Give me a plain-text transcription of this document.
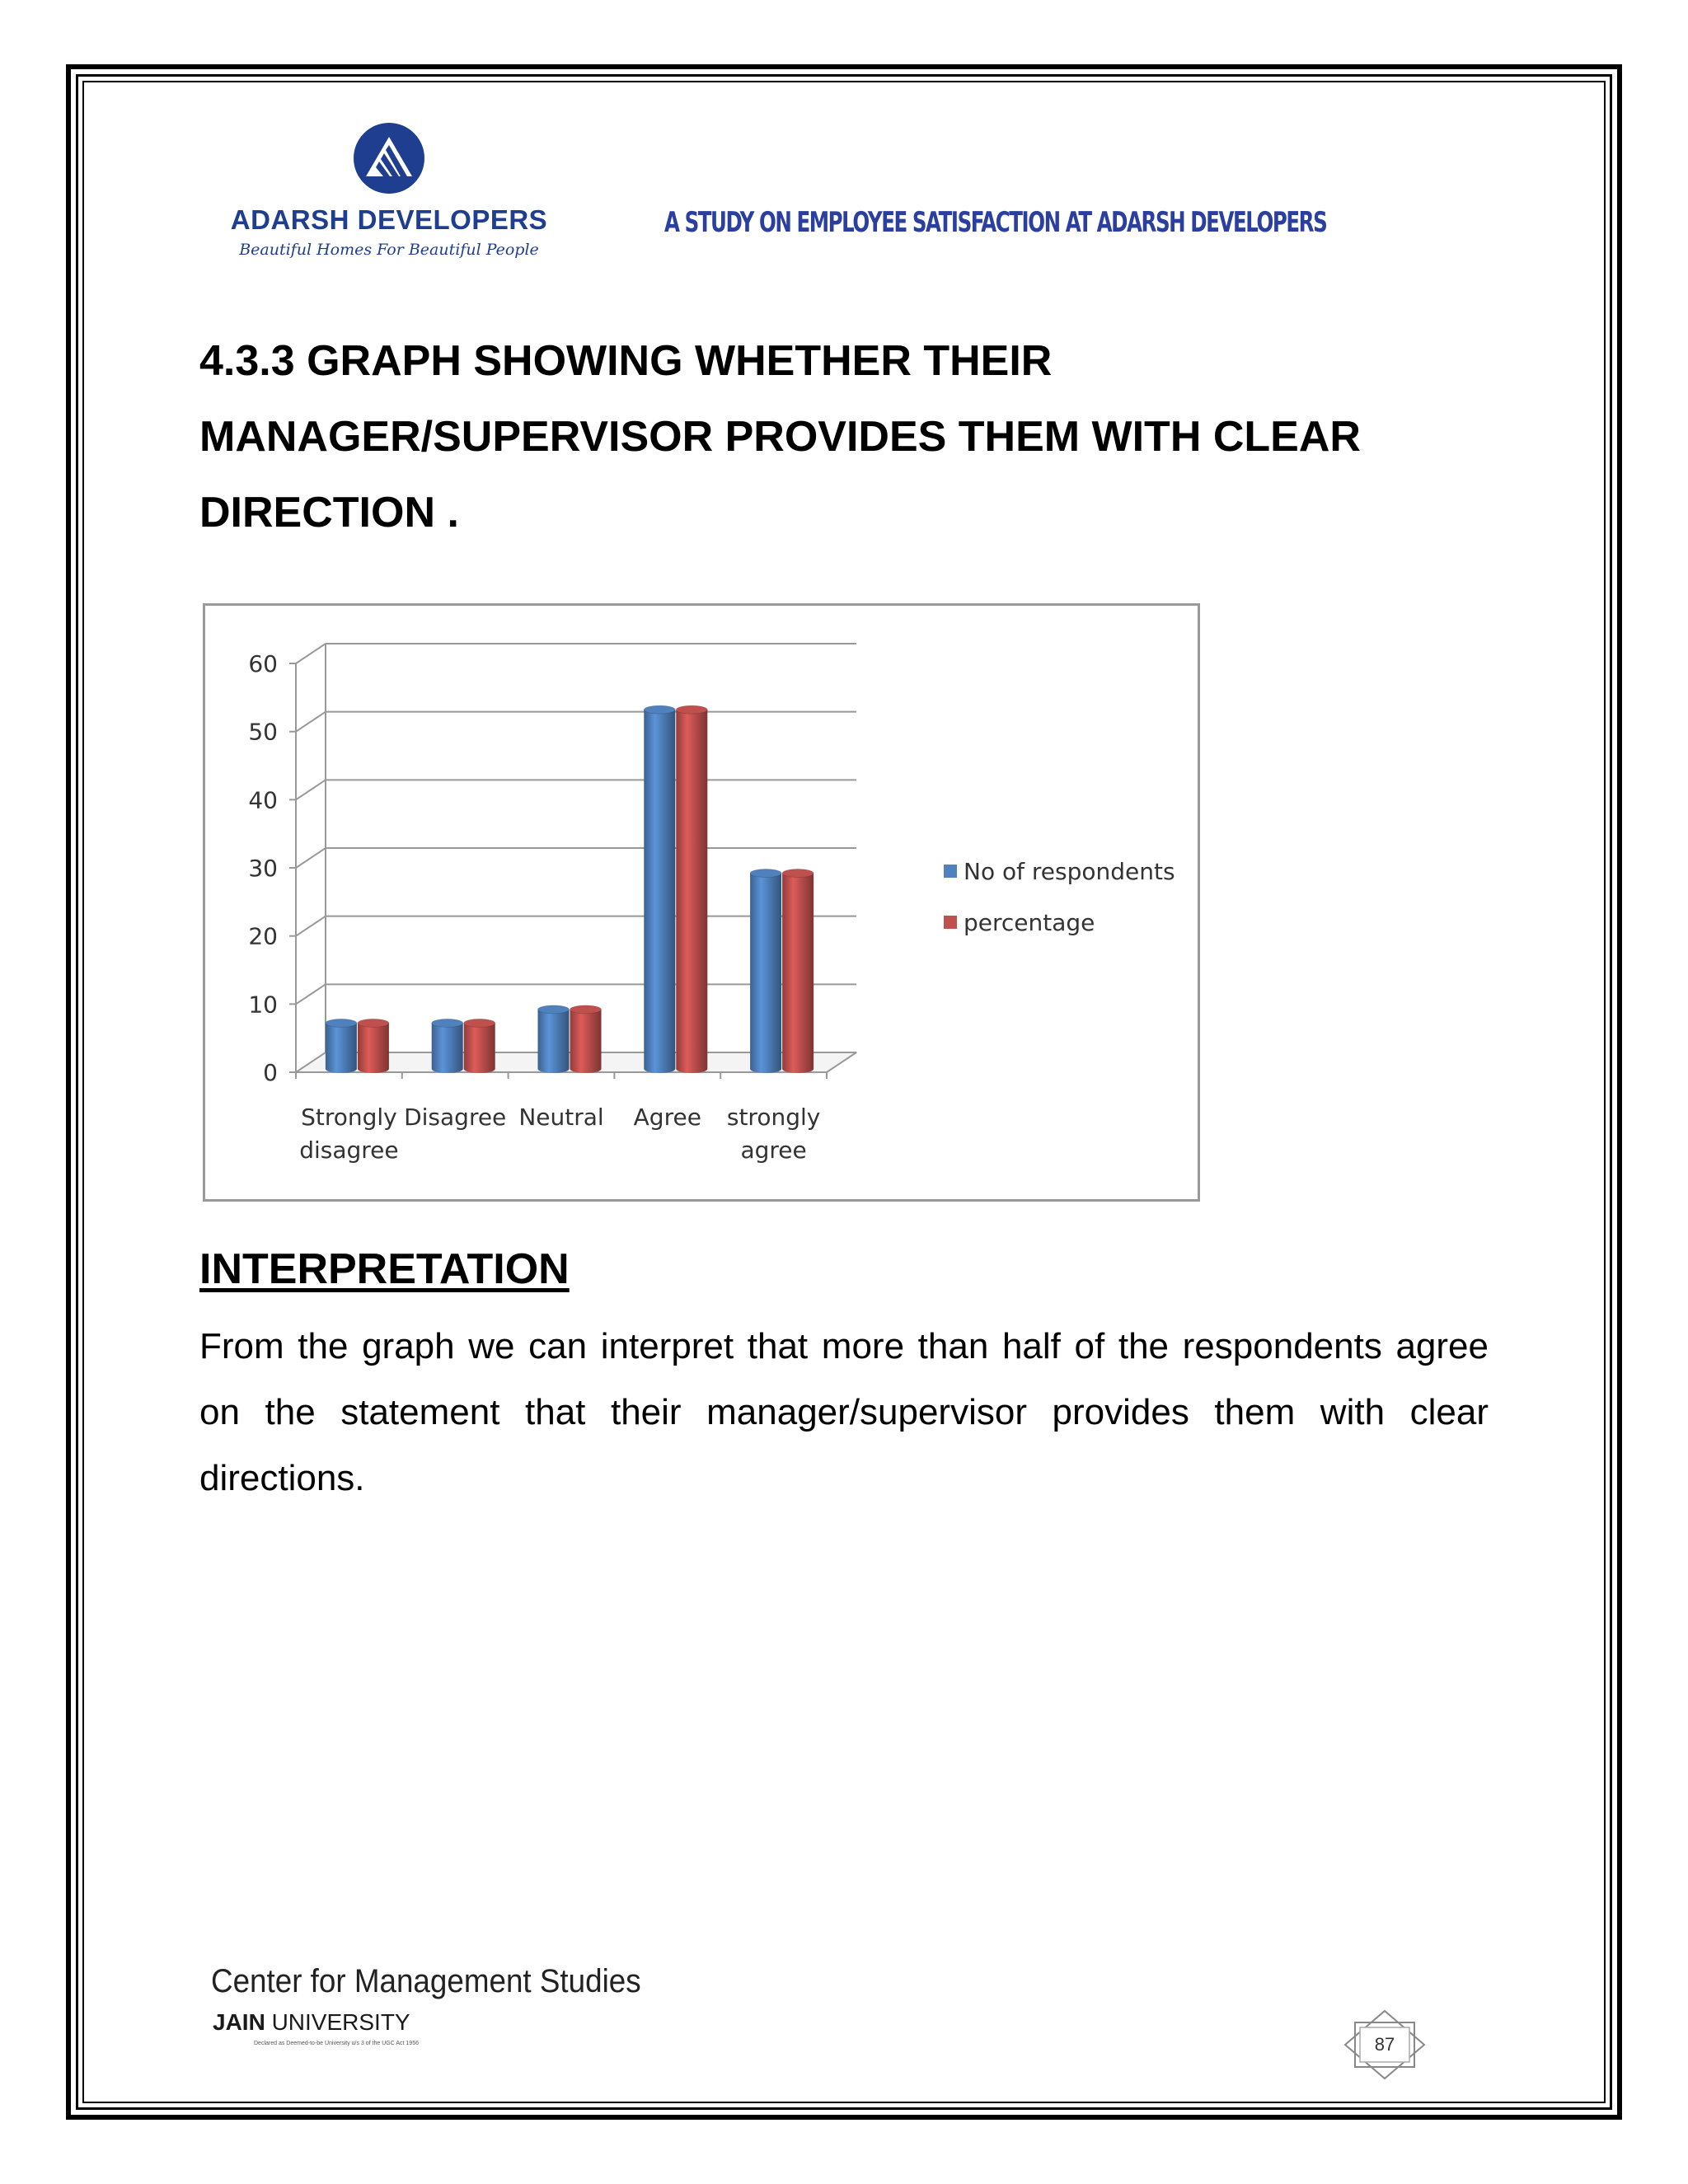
ADARSH DEVELOPERS
Beautiful Homes For Beautiful People
A STUDY ON EMPLOYEE SATISFACTION AT ADARSH DEVELOPERS
4.3.3 GRAPH SHOWING WHETHER THEIR MANAGER/SUPERVISOR PROVIDES THEM WITH CLEAR DIRECTION .
0
10
20
30
40
50
60
Strongly
disagree
Disagree Neutral Agree strongly
agree
No of respondents
percentage
INTERPRETATION
From the graph we can interpret that more than half of the respondents agree on the statement that their manager/supervisor provides them with clear directions.
Center for Management Studies
JAIN UNIVERSITY
Declared as Deemed-to-be University u/s 3 of the UGC Act 1956	87
